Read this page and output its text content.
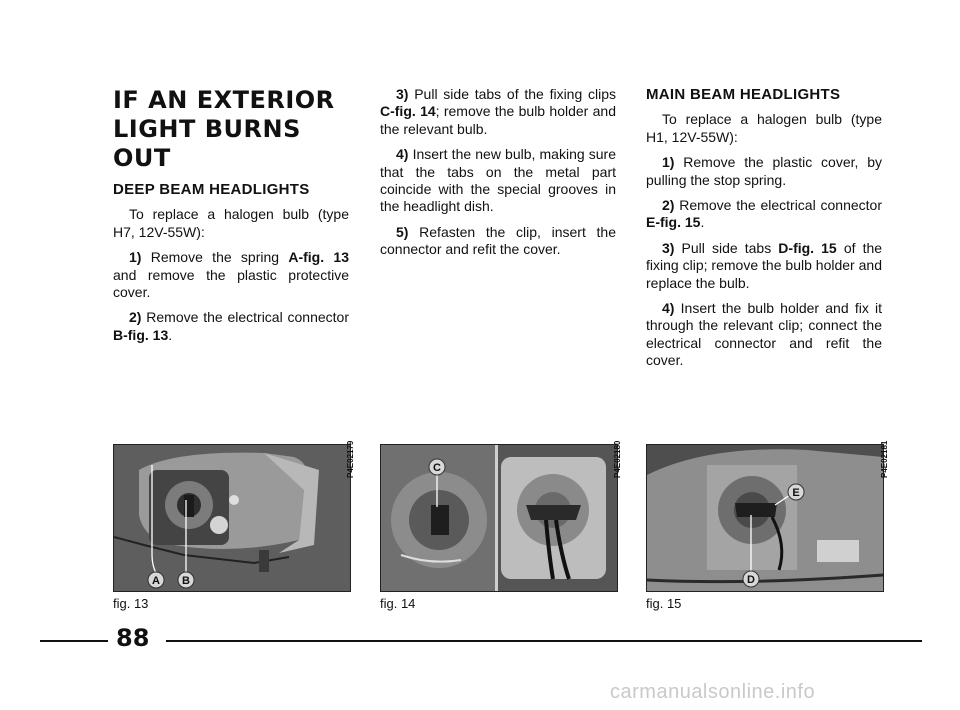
IF AN EXTERIOR
LIGHT BURNS
OUT

DEEP BEAM HEADLIGHTS

To replace a halogen bulb (type H7, 12V-55W):

1) Remove the spring A-fig. 13 and remove the plastic protective cover.

2) Remove the electrical connector B-fig. 13.

3) Pull side tabs of the fixing clips C-fig. 14; remove the bulb holder and the relevant bulb.

4) Insert the new bulb, making sure that the tabs on the metal part coincide with the special grooves in the headlight dish.

5) Refasten the clip, insert the connector and refit the cover.

MAIN BEAM HEADLIGHTS

To replace a halogen bulb (type H1, 12V-55W):

1) Remove the plastic cover, by pulling the stop spring.

2) Remove the electrical connector E-fig. 15.

3) Pull side tabs D-fig. 15 of the fixing clip; remove the bulb holder and replace the bulb.

4) Insert the bulb holder and fix it through the relevant clip; connect the electrical connector and refit the cover.

A B
P4E02179
fig. 13
C	P4E02180
fig. 14
D
E
P4E02181
fig. 15
88
carmanualsonline.info
